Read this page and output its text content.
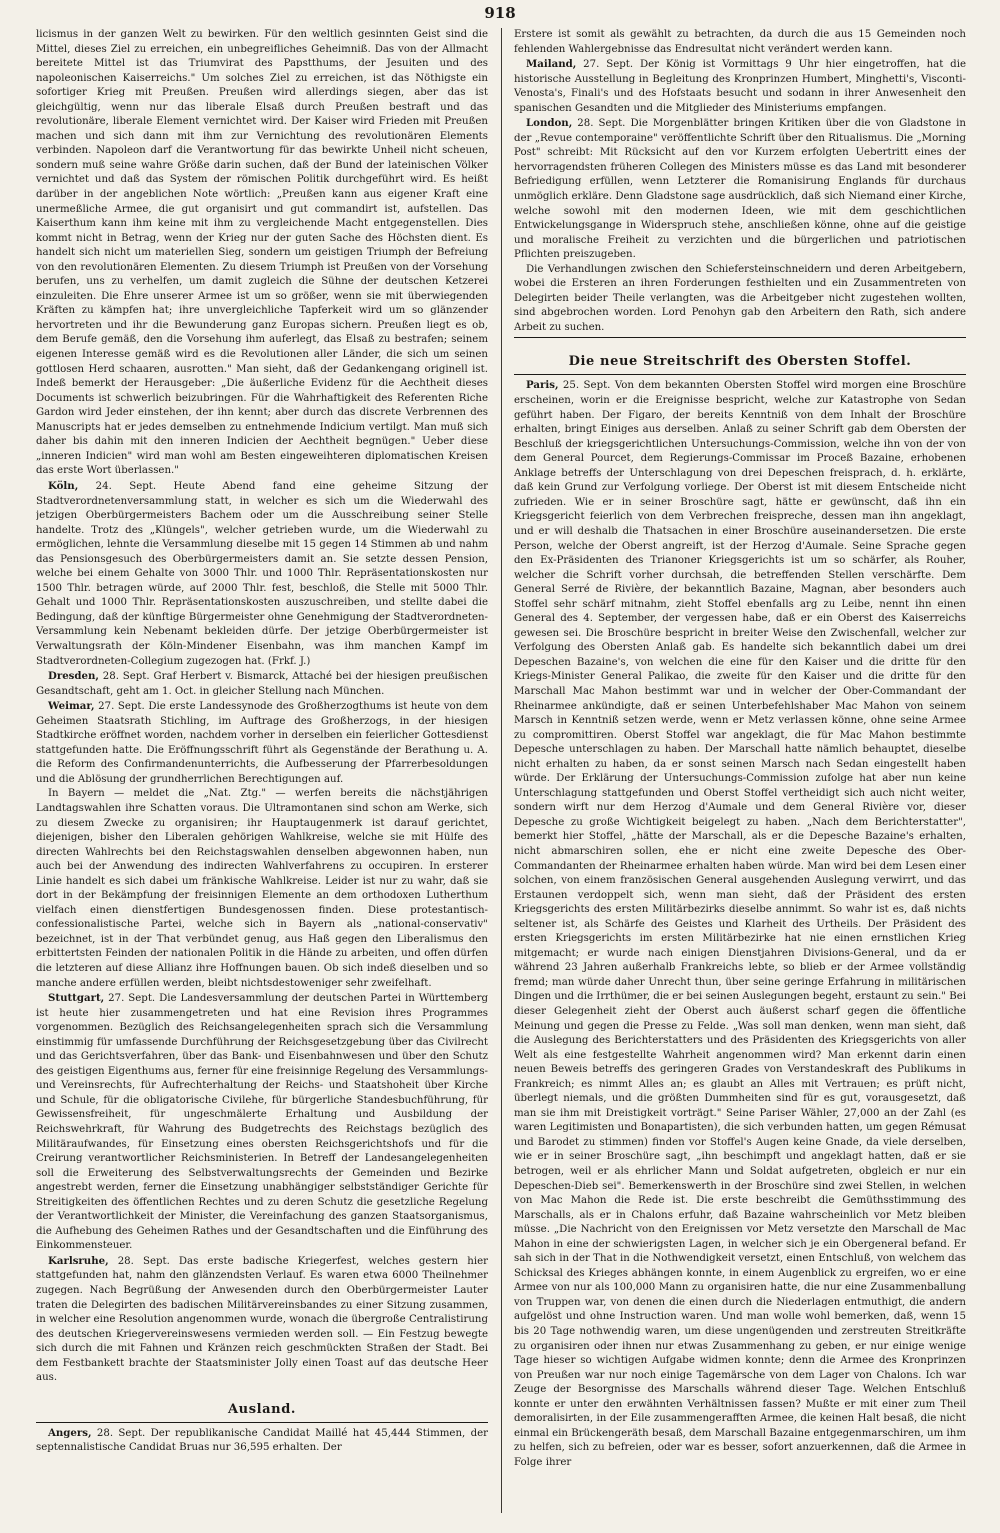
918

licismus in der ganzen Welt zu bewirken. Für den weltlich gesinnten Geist sind die Mittel, dieses Ziel zu erreichen, ein unbegreifliches Geheimniß. Das von der Allmacht bereitete Mittel ist das Triumvirat des Papstthums, der Jesuiten und des napoleonischen Kaiserreichs." Um solches Ziel zu erreichen, ist das Nöthigste ein sofortiger Krieg mit Preußen. Preußen wird allerdings siegen, aber das ist gleichgültig, wenn nur das liberale Elsaß durch Preußen bestraft und das revolutionäre, liberale Element vernichtet wird. Der Kaiser wird Frieden mit Preußen machen und sich dann mit ihm zur Vernichtung des revolutionären Elements verbinden. Napoleon darf die Verantwortung für das bewirkte Unheil nicht scheuen, sondern muß seine wahre Größe darin suchen, daß der Bund der lateinischen Völker vernichtet und daß das System der römischen Politik durchgeführt wird. Es heißt darüber in der angeblichen Note wörtlich: „Preußen kann aus eigener Kraft eine unermeßliche Armee, die gut organisirt und gut commandirt ist, aufstellen. Das Kaiserthum kann ihm keine mit ihm zu vergleichende Macht entgegenstellen. Dies kommt nicht in Betrag, wenn der Krieg nur der guten Sache des Höchsten dient. Es handelt sich nicht um materiellen Sieg, sondern um geistigen Triumph der Befreiung von den revolutionären Elementen. Zu diesem Triumph ist Preußen von der Vorsehung berufen, uns zu verhelfen, um damit zugleich die Sühne der deutschen Ketzerei einzuleiten. Die Ehre unserer Armee ist um so größer, wenn sie mit überwiegenden Kräften zu kämpfen hat; ihre unvergleichliche Tapferkeit wird um so glänzender hervortreten und ihr die Bewunderung ganz Europas sichern. Preußen liegt es ob, dem Berufe gemäß, den die Vorsehung ihm auferlegt, das Elsaß zu bestrafen; seinem eigenen Interesse gemäß wird es die Revolutionen aller Länder, die sich um seinen gottlosen Herd schaaren, ausrotten." Man sieht, daß der Gedankengang originell ist. Indeß bemerkt der Herausgeber: „Die äußerliche Evidenz für die Aechtheit dieses Documents ist schwerlich beizubringen. Für die Wahrhaftigkeit des Referenten Riche Gardon wird Jeder einstehen, der ihn kennt; aber durch das discrete Verbrennen des Manuscripts hat er jedes demselben zu entnehmende Indicium vertilgt. Man muß sich daher bis dahin mit den inneren Indicien der Aechtheit begnügen." Ueber diese „inneren Indicien" wird man wohl am Besten eingeweihteren diplomatischen Kreisen das erste Wort überlassen."

Köln, 24. Sept. Heute Abend fand eine geheime Sitzung der Stadtverordnetenversammlung statt, in welcher es sich um die Wiederwahl des jetzigen Oberbürgermeisters Bachem oder um die Ausschreibung seiner Stelle handelte. Trotz des „Klüngels", welcher getrieben wurde, um die Wiederwahl zu ermöglichen, lehnte die Versammlung dieselbe mit 15 gegen 14 Stimmen ab und nahm das Pensionsgesuch des Oberbürgermeisters damit an. Sie setzte dessen Pension, welche bei einem Gehalte von 3000 Thlr. und 1000 Thlr. Repräsentationskosten nur 1500 Thlr. betragen würde, auf 2000 Thlr. fest, beschloß, die Stelle mit 5000 Thlr. Gehalt und 1000 Thlr. Repräsentationskosten auszuschreiben, und stellte dabei die Bedingung, daß der künftige Bürgermeister ohne Genehmigung der Stadtverordneten-Versammlung kein Nebenamt bekleiden dürfe. Der jetzige Oberbürgermeister ist Verwaltungsrath der Köln-Mindener Eisenbahn, was ihm manchen Kampf im Stadtverordneten-Collegium zugezogen hat. (Frkf. J.)

Dresden, 28. Sept. Graf Herbert v. Bismarck, Attaché bei der hiesigen preußischen Gesandtschaft, geht am 1. Oct. in gleicher Stellung nach München.

Weimar, 27. Sept. Die erste Landessynode des Großherzogthums ist heute von dem Geheimen Staatsrath Stichling, im Auftrage des Großherzogs, in der hiesigen Stadtkirche eröffnet worden, nachdem vorher in derselben ein feierlicher Gottesdienst stattgefunden hatte. Die Eröffnungsschrift führt als Gegenstände der Berathung u. A. die Reform des Confirmandenunterrichts, die Aufbesserung der Pfarrerbesoldungen und die Ablösung der grundherrlichen Berechtigungen auf.

In Bayern — meldet die „Nat. Ztg." — werfen bereits die nächstjährigen Landtagswahlen ihre Schatten voraus. Die Ultramontanen sind schon am Werke, sich zu diesem Zwecke zu organisiren; ihr Hauptaugenmerk ist darauf gerichtet, diejenigen, bisher den Liberalen gehörigen Wahlkreise, welche sie mit Hülfe des directen Wahlrechts bei den Reichstagswahlen denselben abgewonnen haben, nun auch bei der Anwendung des indirecten Wahlverfahrens zu occupiren. In ersterer Linie handelt es sich dabei um fränkische Wahlkreise. Leider ist nur zu wahr, daß sie dort in der Bekämpfung der freisinnigen Elemente an dem orthodoxen Lutherthum vielfach einen dienstfertigen Bundesgenossen finden. Diese protestantisch-confessionalistische Partei, welche sich in Bayern als „national-conservativ" bezeichnet, ist in der That verbündet genug, aus Haß gegen den Liberalismus den erbittertsten Feinden der nationalen Politik in die Hände zu arbeiten, und offen dürfen die letzteren auf diese Allianz ihre Hoffnungen bauen. Ob sich indeß dieselben und so manche andere erfüllen werden, bleibt nichtsdestoweniger sehr zweifelhaft.

Stuttgart, 27. Sept. Die Landesversammlung der deutschen Partei in Württemberg ist heute hier zusammengetreten und hat eine Revision ihres Programmes vorgenommen. Bezüglich des Reichsangelegenheiten sprach sich die Versammlung einstimmig für umfassende Durchführung der Reichsgesetzgebung über das Civilrecht und das Gerichtsverfahren, über das Bank- und Eisenbahnwesen und über den Schutz des geistigen Eigenthums aus, ferner für eine freisinnige Regelung des Versammlungs- und Vereinsrechts, für Aufrechterhaltung der Reichs- und Staatshoheit über Kirche und Schule, für die obligatorische Civilehe, für bürgerliche Standesbuchführung, für Gewissensfreiheit, für ungeschmälerte Erhaltung und Ausbildung der Reichswehrkraft, für Wahrung des Budgetrechts des Reichstags bezüglich des Militäraufwandes, für Einsetzung eines obersten Reichsgerichtshofs und für die Creirung verantwortlicher Reichsministerien. In Betreff der Landesangelegenheiten soll die Erweiterung des Selbstverwaltungsrechts der Gemeinden und Bezirke angestrebt werden, ferner die Einsetzung unabhängiger selbstständiger Gerichte für Streitigkeiten des öffentlichen Rechtes und zu deren Schutz die gesetzliche Regelung der Verantwortlichkeit der Minister, die Vereinfachung des ganzen Staatsorganismus, die Aufhebung des Geheimen Rathes und der Gesandtschaften und die Einführung des Einkommensteuer.

Karlsruhe, 28. Sept. Das erste badische Kriegerfest, welches gestern hier stattgefunden hat, nahm den glänzendsten Verlauf. Es waren etwa 6000 Theilnehmer zugegen. Nach Begrüßung der Anwesenden durch den Oberbürgermeister Lauter traten die Delegirten des badischen Militärvereinsbandes zu einer Sitzung zusammen, in welcher eine Resolution angenommen wurde, wonach die übergroße Centralistirung des deutschen Kriegervereinswesens vermieden werden soll. — Ein Festzug bewegte sich durch die mit Fahnen und Kränzen reich geschmückten Straßen der Stadt. Bei dem Festbankett brachte der Staatsminister Jolly einen Toast auf das deutsche Heer aus.

Ausland.

Angers, 28. Sept. Der republikanische Candidat Maillé hat 45,444 Stimmen, der septennalistische Candidat Bruas nur 36,595 erhalten. Der

Erstere ist somit als gewählt zu betrachten, da durch die aus 15 Gemeinden noch fehlenden Wahlergebnisse das Endresultat nicht verändert werden kann.

Mailand, 27. Sept. Der König ist Vormittags 9 Uhr hier eingetroffen, hat die historische Ausstellung in Begleitung des Kronprinzen Humbert, Minghetti's, Visconti-Venosta's, Finali's und des Hofstaats besucht und sodann in ihrer Anwesenheit den spanischen Gesandten und die Mitglieder des Ministeriums empfangen.

London, 28. Sept. Die Morgenblätter bringen Kritiken über die von Gladstone in der „Revue contemporaine" veröffentlichte Schrift über den Ritualismus. Die „Morning Post" schreibt: Mit Rücksicht auf den vor Kurzem erfolgten Uebertritt eines der hervorragendsten früheren Collegen des Ministers müsse es das Land mit besonderer Befriedigung erfüllen, wenn Letzterer die Romanisirung Englands für durchaus unmöglich erkläre. Denn Gladstone sage ausdrücklich, daß sich Niemand einer Kirche, welche sowohl mit den modernen Ideen, wie mit dem geschichtlichen Entwickelungsgange in Widerspruch stehe, anschließen könne, ohne auf die geistige und moralische Freiheit zu verzichten und die bürgerlichen und patriotischen Pflichten preiszugeben.

Die Verhandlungen zwischen den Schiefersteinschneidern und deren Arbeitgebern, wobei die Ersteren an ihren Forderungen festhielten und ein Zusammentreten von Delegirten beider Theile verlangten, was die Arbeitgeber nicht zugestehen wollten, sind abgebrochen worden. Lord Penohyn gab den Arbeitern den Rath, sich andere Arbeit zu suchen.

Die neue Streitschrift des Obersten Stoffel.

Paris, 25. Sept. Von dem bekannten Obersten Stoffel wird morgen eine Broschüre erscheinen, worin er die Ereignisse bespricht, welche zur Katastrophe von Sedan geführt haben. Der Figaro, der bereits Kenntniß von dem Inhalt der Broschüre erhalten, bringt Einiges aus derselben. Anlaß zu seiner Schrift gab dem Obersten der Beschluß der kriegsgerichtlichen Untersuchungs-Commission, welche ihn von der von dem General Pourcet, dem Regierungs-Commissar im Proceß Bazaine, erhobenen Anklage betreffs der Unterschlagung von drei Depeschen freisprach, d. h. erklärte, daß kein Grund zur Verfolgung vorliege. Der Oberst ist mit diesem Entscheide nicht zufrieden. Wie er in seiner Broschüre sagt, hätte er gewünscht, daß ihn ein Kriegsgericht feierlich von dem Verbrechen freispreche, dessen man ihn angeklagt, und er will deshalb die Thatsachen in einer Broschüre auseinandersetzen. Die erste Person, welche der Oberst angreift, ist der Herzog d'Aumale. Seine Sprache gegen den Ex-Präsidenten des Trianoner Kriegsgerichts ist um so schärfer, als Rouher, welcher die Schrift vorher durchsah, die betreffenden Stellen verschärfte. Dem General Serré de Rivière, der bekanntlich Bazaine, Magnan, aber besonders auch Stoffel sehr schärf mitnahm, zieht Stoffel ebenfalls arg zu Leibe, nennt ihn einen General des 4. September, der vergessen habe, daß er ein Oberst des Kaiserreichs gewesen sei. Die Broschüre bespricht in breiter Weise den Zwischenfall, welcher zur Verfolgung des Obersten Anlaß gab. Es handelte sich bekanntlich dabei um drei Depeschen Bazaine's, von welchen die eine für den Kaiser und die dritte für den Kriegs-Minister General Palikao, die zweite für den Kaiser und die dritte für den Marschall Mac Mahon bestimmt war und in welcher der Ober-Commandant der Rheinarmee ankündigte, daß er seinen Unterbefehlshaber Mac Mahon von seinem Marsch in Kenntniß setzen werde, wenn er Metz verlassen könne, ohne seine Armee zu compromittiren. Oberst Stoffel war angeklagt, die für Mac Mahon bestimmte Depesche unterschlagen zu haben. Der Marschall hatte nämlich behauptet, dieselbe nicht erhalten zu haben, da er sonst seinen Marsch nach Sedan eingestellt haben würde. Der Erklärung der Untersuchungs-Commission zufolge hat aber nun keine Unterschlagung stattgefunden und Oberst Stoffel vertheidigt sich auch nicht weiter, sondern wirft nur dem Herzog d'Aumale und dem General Rivière vor, dieser Depesche zu große Wichtigkeit beigelegt zu haben. „Nach dem Berichterstatter", bemerkt hier Stoffel, „hätte der Marschall, als er die Depesche Bazaine's erhalten, nicht abmarschiren sollen, ehe er nicht eine zweite Depesche des Ober-Commandanten der Rheinarmee erhalten haben würde. Man wird bei dem Lesen einer solchen, von einem französischen General ausgehenden Auslegung verwirrt, und das Erstaunen verdoppelt sich, wenn man sieht, daß der Präsident des ersten Kriegsgerichts des ersten Militärbezirks dieselbe annimmt. So wahr ist es, daß nichts seltener ist, als Schärfe des Geistes und Klarheit des Urtheils. Der Präsident des ersten Kriegsgerichts im ersten Militärbezirke hat nie einen ernstlichen Krieg mitgemacht; er wurde nach einigen Dienstjahren Divisions-General, und da er während 23 Jahren außerhalb Frankreichs lebte, so blieb er der Armee vollständig fremd; man würde daher Unrecht thun, über seine geringe Erfahrung in militärischen Dingen und die Irrthümer, die er bei seinen Auslegungen begeht, erstaunt zu sein." Bei dieser Gelegenheit zieht der Oberst auch äußerst scharf gegen die öffentliche Meinung und gegen die Presse zu Felde. „Was soll man denken, wenn man sieht, daß die Auslegung des Berichterstatters und des Präsidenten des Kriegsgerichts von aller Welt als eine festgestellte Wahrheit angenommen wird? Man erkennt darin einen neuen Beweis betreffs des geringeren Grades von Verstandeskraft des Publikums in Frankreich; es nimmt Alles an; es glaubt an Alles mit Vertrauen; es prüft nicht, überlegt niemals, und die größten Dummheiten sind für es gut, vorausgesetzt, daß man sie ihm mit Dreistigkeit vorträgt." Seine Pariser Wähler, 27,000 an der Zahl (es waren Legitimisten und Bonapartisten), die sich verbunden hatten, um gegen Rémusat und Barodet zu stimmen) finden vor Stoffel's Augen keine Gnade, da viele derselben, wie er in seiner Broschüre sagt, „ihn beschimpft und angeklagt hatten, daß er sie betrogen, weil er als ehrlicher Mann und Soldat aufgetreten, obgleich er nur ein Depeschen-Dieb sei". Bemerkenswerth in der Broschüre sind zwei Stellen, in welchen von Mac Mahon die Rede ist. Die erste beschreibt die Gemüthsstimmung des Marschalls, als er in Chalons erfuhr, daß Bazaine wahrscheinlich vor Metz bleiben müsse. „Die Nachricht von den Ereignissen vor Metz versetzte den Marschall de Mac Mahon in eine der schwierigsten Lagen, in welcher sich je ein Obergeneral befand. Er sah sich in der That in die Nothwendigkeit versetzt, einen Entschluß, von welchem das Schicksal des Krieges abhängen konnte, in einem Augenblick zu ergreifen, wo er eine Armee von nur als 100,000 Mann zu organisiren hatte, die nur eine Zusammenballung von Truppen war, von denen die einen durch die Niederlagen entmuthigt, die andern aufgelöst und ohne Instruction waren. Und man wolle wohl bemerken, daß, wenn 15 bis 20 Tage nothwendig waren, um diese ungenügenden und zerstreuten Streitkräfte zu organisiren oder ihnen nur etwas Zusammenhang zu geben, er nur einige wenige Tage hieser so wichtigen Aufgabe widmen konnte; denn die Armee des Kronprinzen von Preußen war nur noch einige Tagemärsche von dem Lager von Chalons. Ich war Zeuge der Besorgnisse des Marschalls während dieser Tage. Welchen Entschluß konnte er unter den erwähnten Verhältnissen fassen? Mußte er mit einer zum Theil demoralisirten, in der Eile zusammengerafften Armee, die keinen Halt besaß, die nicht einmal ein Brückengeräth besaß, dem Marschall Bazaine entgegenmarschiren, um ihm zu helfen, sich zu befreien, oder war es besser, sofort anzuerkennen, daß die Armee in Folge ihrer
